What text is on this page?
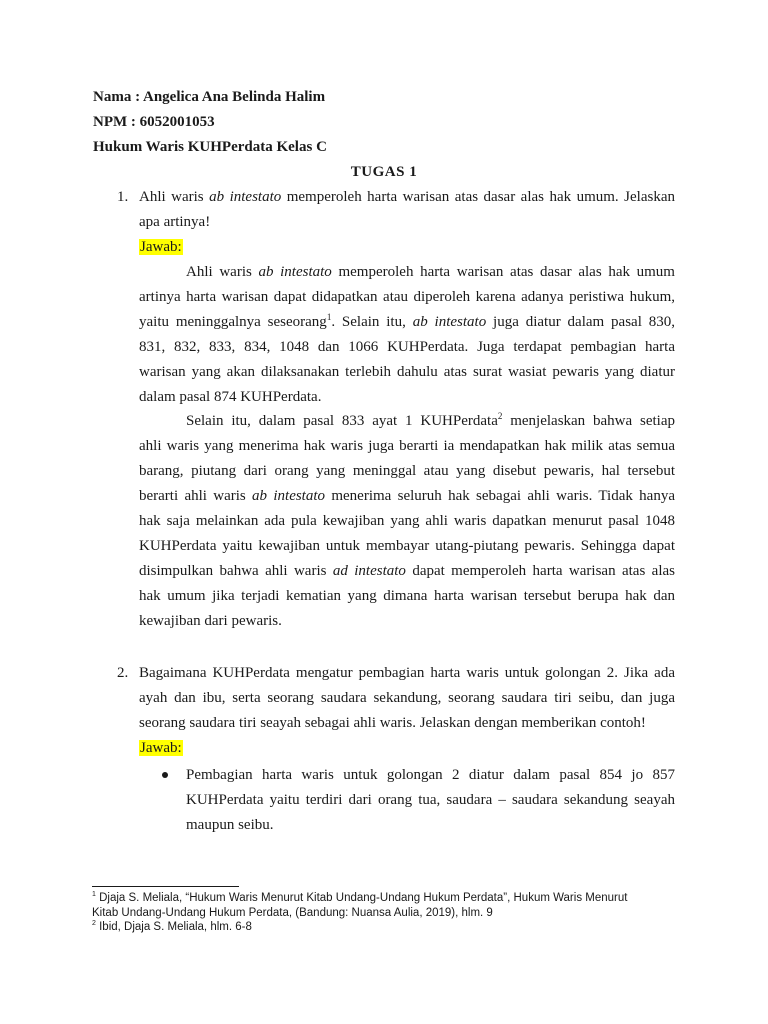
Nama : Angelica Ana Belinda Halim
NPM : 6052001053
Hukum Waris KUHPerdata Kelas C
TUGAS 1
1. Ahli waris ab intestato memperoleh harta warisan atas dasar alas hak umum. Jelaskan
apa artinya!
Jawab:
Ahli waris ab intestato memperoleh harta warisan atas dasar alas hak umum
artinya harta warisan dapat didapatkan atau diperoleh karena adanya peristiwa hukum,
yaitu meninggalnya seseorang$^1$. Selain itu, ab intestato juga diatur dalam pasal 830,
831, 832, 833, 834, 1048 dan 1066 KUHPerdata. Juga terdapat pembagian harta
warisan yang akan dilaksanakan terlebih dahulu atas surat wasiat pewaris yang diatur
dalam pasal 874 KUHPerdata.
Selain itu, dalam pasal 833 ayat 1 KUHPerdata$^2$ menjelaskan bahwa setiap
ahli waris yang menerima hak waris juga berarti ia mendapatkan hak milik atas semua
barang, piutang dari orang yang meninggal atau yang disebut pewaris, hal tersebut
berarti ahli waris ab intestato menerima seluruh hak sebagai ahli waris. Tidak hanya
hak saja melainkan ada pula kewajiban yang ahli waris dapatkan menurut pasal 1048
KUHPerdata yaitu kewajiban untuk membayar utang-piutang pewaris. Sehingga dapat
disimpulkan bahwa ahli waris ad intestato dapat memperoleh harta warisan atas alas
hak umum jika terjadi kematian yang dimana harta warisan tersebut berupa hak dan
kewajiban dari pewaris.
2. Bagaimana KUHPerdata mengatur pembagian harta waris untuk golongan 2. Jika ada
ayah dan ibu, serta seorang saudara sekandung, seorang saudara tiri seibu, dan juga
seorang saudara tiri seayah sebagai ahli waris. Jelaskan dengan memberikan contoh!
Jawab:
Pembagian harta waris untuk golongan 2 diatur dalam pasal 854 jo 857
KUHPerdata yaitu terdiri dari orang tua, saudara – saudara sekandung seayah
maupun seibu.
$^1$ Djaja S. Meliala, “Hukum Waris Menurut Kitab Undang-Undang Hukum Perdata”, Hukum Waris Menurut
Kitab Undang-Undang Hukum Perdata, (Bandung: Nuansa Aulia, 2019), hlm. 9
$^2$ Ibid, Djaja S. Meliala, hlm. 6-8
